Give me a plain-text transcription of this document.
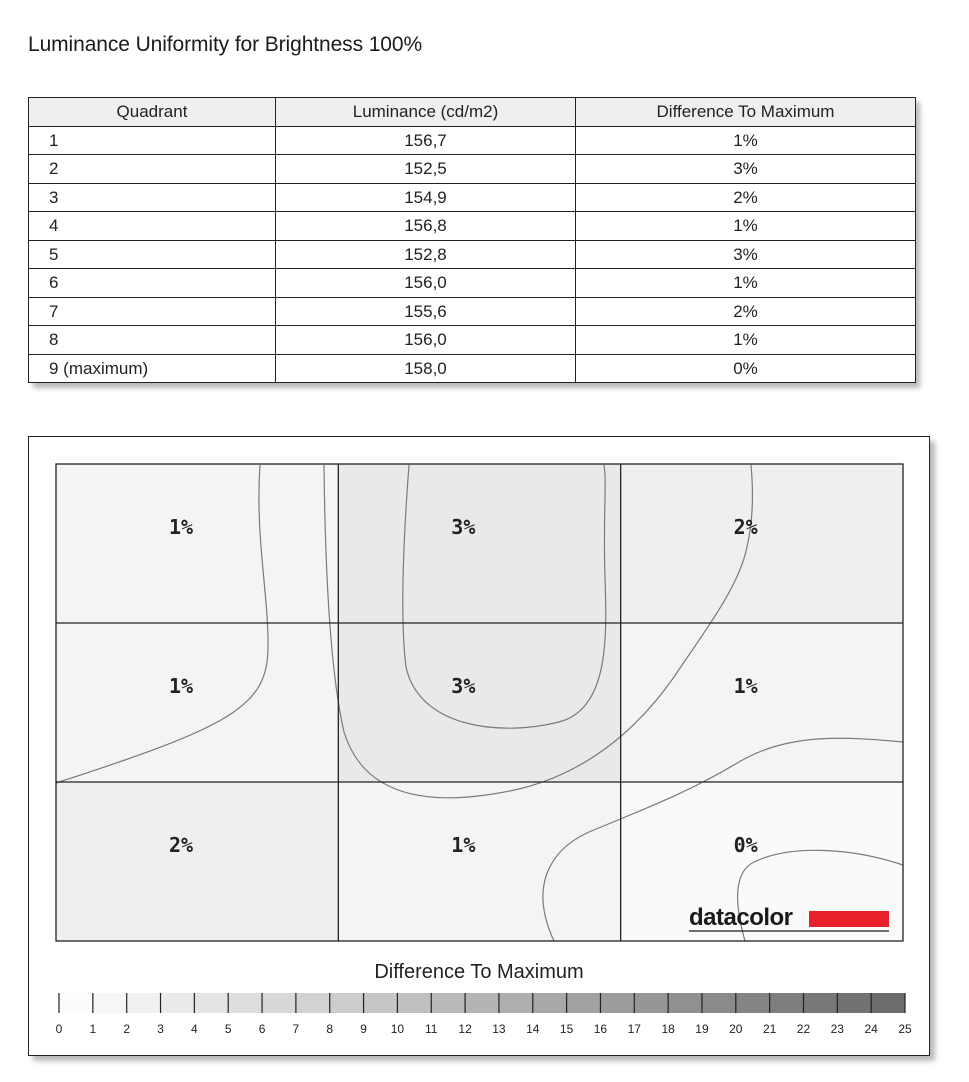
Luminance Uniformity for Brightness 100%
Quadrant	Luminance (cd/m2)	Difference To Maximum
1	156,7	1%
2	152,5	3%
3	154,9	2%
4	156,8	1%
5	152,8	3%
6	156,0	1%
7	155,6	2%
8	156,0	1%
9 (maximum)	158,0	0%
1%	3%	2%
1%	3%	1%
2%	1%	0%
datacolor
Difference To Maximum
0 1 2 3 4 5 6 7 8 9 10 11 12 13 14 15 16 17 18 19 20 21 22 23 24 25
